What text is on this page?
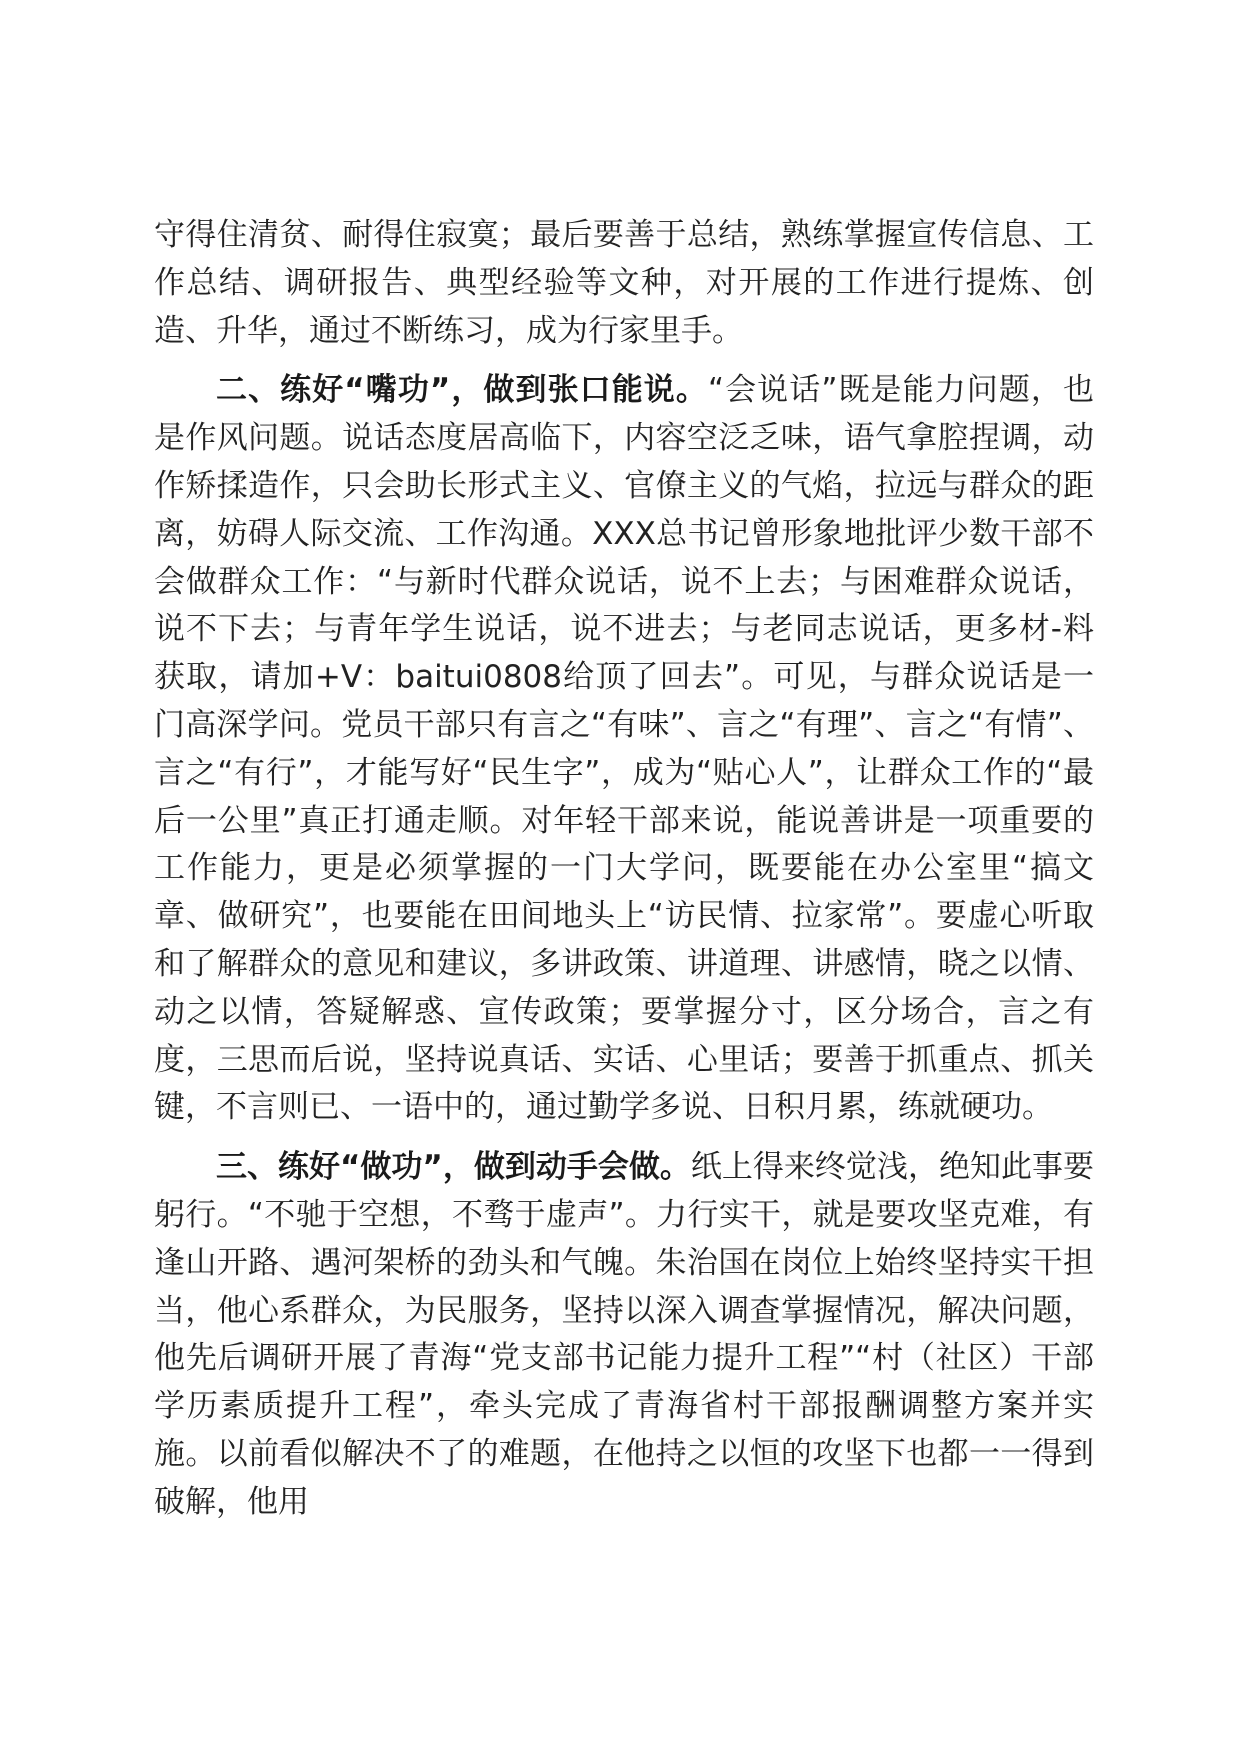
守得住清贫、耐得住寂寞；最后要善于总结，熟练掌握宣传信息、工作总结、调研报告、典型经验等文种，对开展的工作进行提炼、创造、升华，通过不断练习，成为行家里手。

二、练好“嘴功”，做到张口能说。“会说话”既是能力问题，也是作风问题。说话态度居高临下，内容空泛乏味，语气拿腔捏调，动作矫揉造作，只会助长形式主义、官僚主义的气焰，拉远与群众的距离，妨碍人际交流、工作沟通。XXX总书记曾形象地批评少数干部不会做群众工作：“与新时代群众说话，说不上去；与困难群众说话，说不下去；与青年学生说话，说不进去；与老同志说话，更多材-料获取，请加+V：baitui0808给顶了回去”。可见，与群众说话是一门高深学问。党员干部只有言之“有味”、言之“有理”、言之“有情”、言之“有行”，才能写好“民生字”，成为“贴心人”，让群众工作的“最后一公里”真正打通走顺。对年轻干部来说，能说善讲是一项重要的工作能力，更是必须掌握的一门大学问，既要能在办公室里“搞文章、做研究”，也要能在田间地头上“访民情、拉家常”。要虚心听取和了解群众的意见和建议，多讲政策、讲道理、讲感情，晓之以情、动之以情，答疑解惑、宣传政策；要掌握分寸，区分场合，言之有度，三思而后说，坚持说真话、实话、心里话；要善于抓重点、抓关键，不言则已、一语中的，通过勤学多说、日积月累，练就硬功。

三、练好“做功”，做到动手会做。纸上得来终觉浅，绝知此事要躬行。“不驰于空想，不骛于虚声”。力行实干，就是要攻坚克难，有逢山开路、遇河架桥的劲头和气魄。朱治国在岗位上始终坚持实干担当，他心系群众，为民服务，坚持以深入调查掌握情况，解决问题，他先后调研开展了青海“党支部书记能力提升工程”“村（社区）干部学历素质提升工程”，牵头完成了青海省村干部报酬调整方案并实施。以前看似解决不了的难题，在他持之以恒的攻坚下也都一一得到破解，他用
